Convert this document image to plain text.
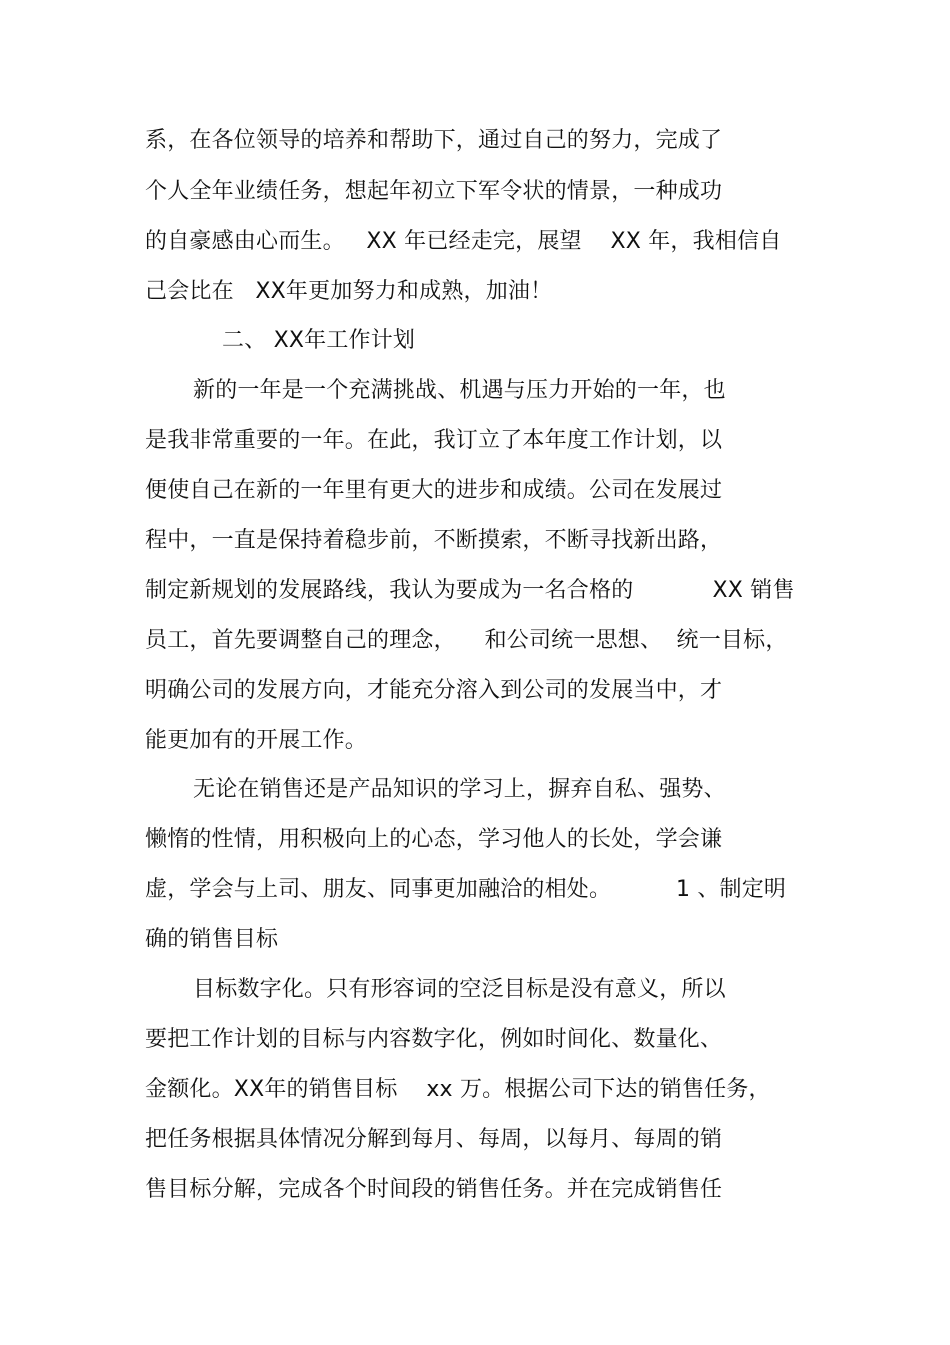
系，在各位领导的培养和帮助下，通过自己的努力，完成了
个人全年业绩任务，想起年初立下军令状的情景，一种成功
的自豪感由心而生。   XX 年已经走完，展望    XX 年，我相信自
己会比在   XX年更加努力和成熟，加油！
二、 XX年工作计划
新的一年是一个充满挑战、机遇与压力开始的一年，也
是我非常重要的一年。在此，我订立了本年度工作计划，以
便使自己在新的一年里有更大的进步和成绩。公司在发展过
程中，一直是保持着稳步前，不断摸索，不断寻找新出路，
制定新规划的发展路线，我认为要成为一名合格的           XX 销售
员工，首先要调整自己的理念，    和公司统一思想、  统一目标，
明确公司的发展方向，才能充分溶入到公司的发展当中，才
能更加有的开展工作。
无论在销售还是产品知识的学习上，摒弃自私、强势、
懒惰的性情，用积极向上的心态，学习他人的长处，学会谦
虚，学会与上司、朋友、同事更加融洽的相处。         1 、制定明
确的销售目标
目标数字化。只有形容词的空泛目标是没有意义，所以
要把工作计划的目标与内容数字化，例如时间化、数量化、
金额化。XX年的销售目标    xx 万。根据公司下达的销售任务，
把任务根据具体情况分解到每月、每周，以每月、每周的销
售目标分解，完成各个时间段的销售任务。并在完成销售任
